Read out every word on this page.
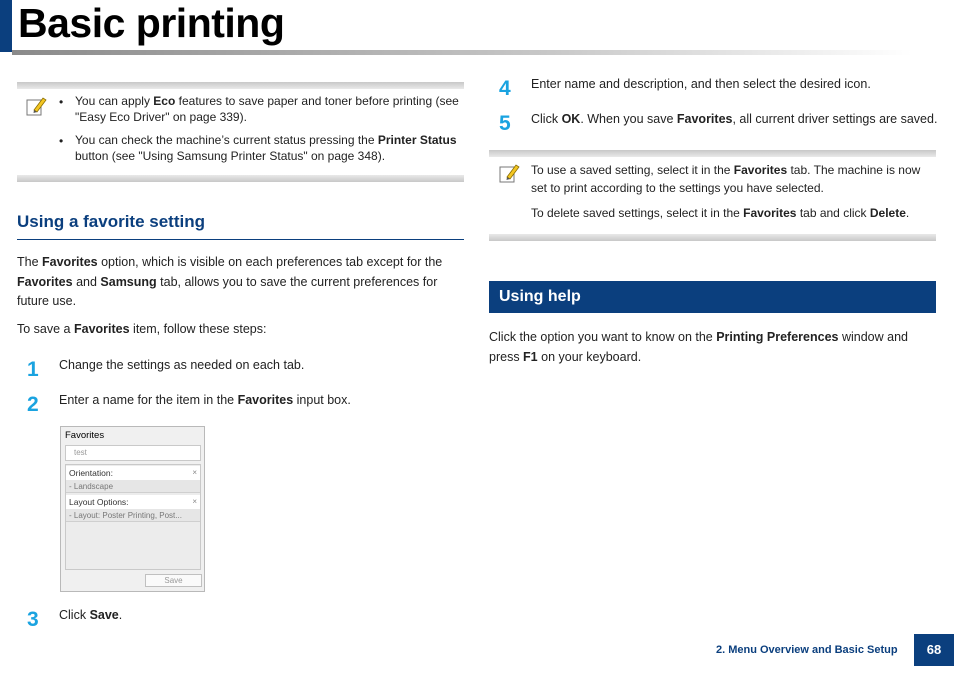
Basic printing
• You can apply Eco features to save paper and toner before printing (see "Easy Eco Driver" on page 339).
• You can check the machine’s current status pressing the Printer Status button (see "Using Samsung Printer Status" on page 348).
Using a favorite setting
The Favorites option, which is visible on each preferences tab except for the Favorites and Samsung tab, allows you to save the current preferences for future use.
To save a Favorites item, follow these steps:
1 Change the settings as needed on each tab.
2 Enter a name for the item in the Favorites input box.
Favorites
test
Orientation:	×
- Landscape
Layout Options:	×
- Layout: Poster Printing, Post...
Save
3 Click Save.
4 Enter name and description, and then select the desired icon.
5 Click OK. When you save Favorites, all current driver settings are saved.
To use a saved setting, select it in the Favorites tab. The machine is now set to print according to the settings you have selected.
To delete saved settings, select it in the Favorites tab and click Delete.
Using help
Click the option you want to know on the Printing Preferences window and press F1 on your keyboard.
2. Menu Overview and Basic Setup	68
